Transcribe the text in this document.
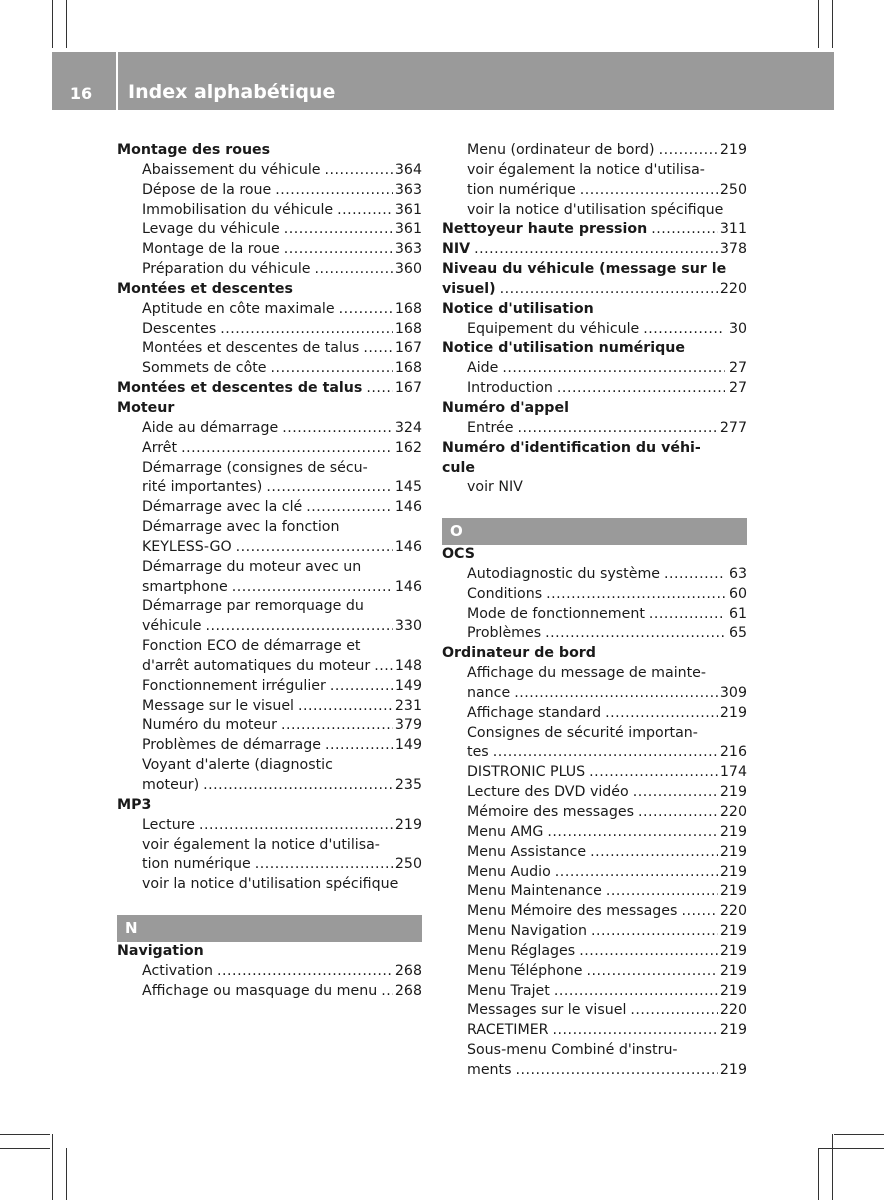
16	Index alphabétique
Montage des roues
Abaissement du véhicule .....	364
Dépose de la roue .....	363
Immobilisation du véhicule .....	361
Levage du véhicule .....	361
Montage de la roue .....	363
Préparation du véhicule .....	360
Montées et descentes
Aptitude en côte maximale .....	168
Descentes .....	168
Montées et descentes de talus .....	167
Sommets de côte .....	168
Montées et descentes de talus ..... 167
Moteur
Aide au démarrage .....	324
Arrêt .....	162
Démarrage (consignes de sécu-
rité importantes) .....	145
Démarrage avec la clé .....	146
Démarrage avec la fonction
KEYLESS-GO .....	146
Démarrage du moteur avec un
smartphone .....	146
Démarrage par remorquage du
véhicule .....	330
Fonction ECO de démarrage et
d'arrêt automatiques du moteur ..... 148
Fonctionnement irrégulier .....	149
Message sur le visuel .....	231
Numéro du moteur .....	379
Problèmes de démarrage .....	149
Voyant d'alerte (diagnostic
moteur) .....	235
MP3
Lecture .....	219
voir également la notice d'utilisa-
tion numérique .....	250
voir la notice d'utilisation spécifique
N
Navigation
Activation .....	268
Affichage ou masquage du menu ..... 268
Menu (ordinateur de bord) .....	219
voir également la notice d'utilisa-
tion numérique .....	250
voir la notice d'utilisation spécifique
Nettoyeur haute pression .....	311
NIV .....	378
Niveau du véhicule (message sur le
visuel) .....	220
Notice d'utilisation
Equipement du véhicule .....	30
Notice d'utilisation numérique
Aide .....	27
Introduction .....	27
Numéro d'appel
Entrée .....	277
Numéro d'identification du véhi-
cule
voir NIV
O
OCS
Autodiagnostic du système .....	63
Conditions .....	60
Mode de fonctionnement .....	61
Problèmes .....	65
Ordinateur de bord
Affichage du message de mainte-
nance .....	309
Affichage standard .....	219
Consignes de sécurité importan-
tes .....	216
DISTRONIC PLUS .....	174
Lecture des DVD vidéo .....	219
Mémoire des messages .....	220
Menu AMG .....	219
Menu Assistance .....	219
Menu Audio .....	219
Menu Maintenance .....	219
Menu Mémoire des messages .....	220
Menu Navigation .....	219
Menu Réglages .....	219
Menu Téléphone .....	219
Menu Trajet .....	219
Messages sur le visuel .....	220
RACETIMER .....	219
Sous-menu Combiné d'instru-
ments .....	219
